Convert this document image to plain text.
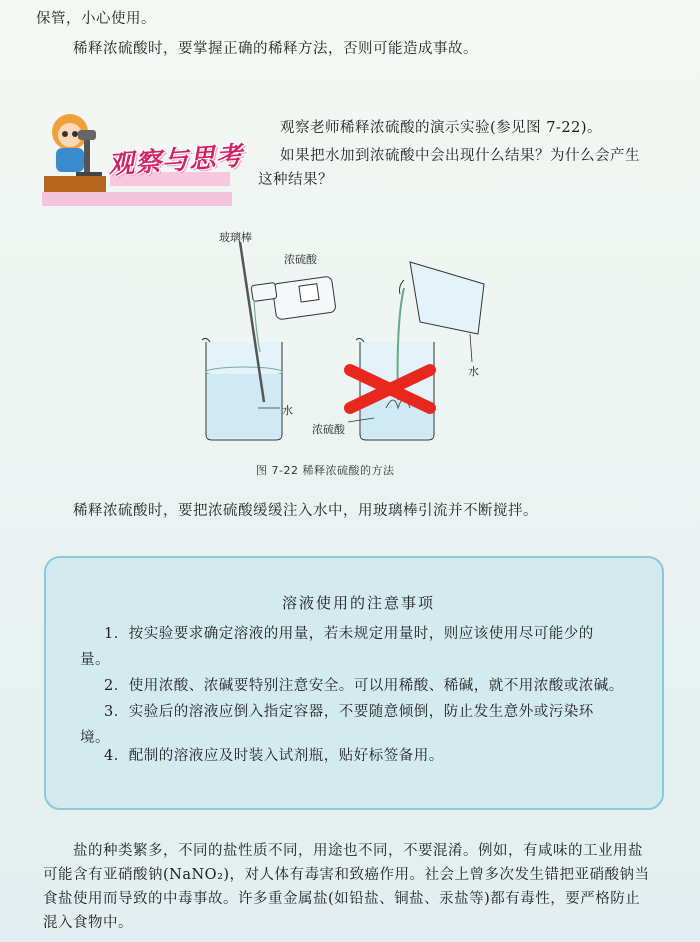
保管，小心使用。
稀释浓硫酸时，要掌握正确的稀释方法，否则可能造成事故。
观察与思考
观察老师稀释浓硫酸的演示实验(参见图 7-22)。
如果把水加到浓硫酸中会出现什么结果？为什么会产生
这种结果？
玻璃棒
浓硫酸
水
浓硫酸
水
图 7-22 稀释浓硫酸的方法
稀释浓硫酸时，要把浓硫酸缓缓注入水中，用玻璃棒引流并不断搅拌。
溶液使用的注意事项
1．按实验要求确定溶液的用量，若未规定用量时，则应该使用尽可能少的
量。
2．使用浓酸、浓碱要特别注意安全。可以用稀酸、稀碱，就不用浓酸或浓碱。
3．实验后的溶液应倒入指定容器，不要随意倾倒，防止发生意外或污染环
境。
4．配制的溶液应及时装入试剂瓶，贴好标签备用。
盐的种类繁多，不同的盐性质不同，用途也不同，不要混淆。例如，有咸味的工业用盐
可能含有亚硝酸钠(NaNO₂)，对人体有毒害和致癌作用。社会上曾多次发生错把亚硝酸钠当
食盐使用而导致的中毒事故。许多重金属盐(如铅盐、铜盐、汞盐等)都有毒性，要严格防止
混入食物中。
